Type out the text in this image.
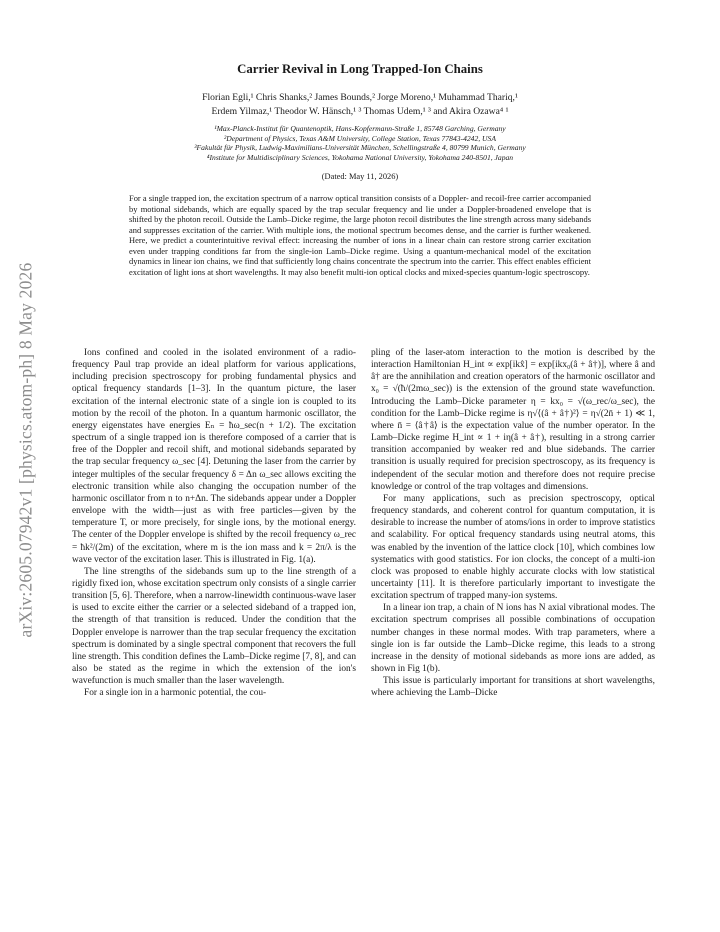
arXiv:2605.07942v1 [physics.atom-ph] 8 May 2026
Carrier Revival in Long Trapped-Ion Chains
Florian Egli,¹ Chris Shanks,² James Bounds,² Jorge Moreno,¹ Muhammad Thariq,¹
Erdem Yilmaz,¹ Theodor W. Hänsch,¹ ³ Thomas Udem,¹ ³ and Akira Ozawa⁴ ¹
¹Max-Planck-Institut für Quantenoptik, Hans-Kopfermann-Straße 1, 85748 Garching, Germany
²Department of Physics, Texas A&M University, College Station, Texas 77843-4242, USA
³Fakultät für Physik, Ludwig-Maximilians-Universität München, Schellingstraße 4, 80799 Munich, Germany
⁴Institute for Multidisciplinary Sciences, Yokohama National University, Yokohama 240-8501, Japan
(Dated: May 11, 2026)
For a single trapped ion, the excitation spectrum of a narrow optical transition consists of a Doppler- and recoil-free carrier accompanied by motional sidebands, which are equally spaced by the trap secular frequency and lie under a Doppler-broadened envelope that is shifted by the photon recoil. Outside the Lamb–Dicke regime, the large photon recoil distributes the line strength across many sidebands and suppresses excitation of the carrier. With multiple ions, the motional spectrum becomes dense, and the carrier is further weakened. Here, we predict a counterintuitive revival effect: increasing the number of ions in a linear chain can restore strong carrier excitation even under trapping conditions far from the single-ion Lamb–Dicke regime. Using a quantum-mechanical model of the excitation dynamics in linear ion chains, we find that sufficiently long chains concentrate the spectrum into the carrier. This effect enables efficient excitation of light ions at short wavelengths. It may also benefit multi-ion optical clocks and mixed-species quantum-logic spectroscopy.

Ions confined and cooled in the isolated environment of a radio-frequency Paul trap provide an ideal platform for various applications, including precision spectroscopy for probing fundamental physics and optical frequency standards [1–3]. In the quantum picture, the laser excitation of the internal electronic state of a single ion is coupled to its motion by the recoil of the photon. In a quantum harmonic oscillator, the energy eigenstates have energies Eₙ = ħω_sec(n + 1/2). The excitation spectrum of a single trapped ion is therefore composed of a carrier that is free of the Doppler and recoil shift, and motional sidebands separated by the trap secular frequency ω_sec [4]. Detuning the laser from the carrier by integer multiples of the secular frequency δ = Δn ω_sec allows exciting the electronic transition while also changing the occupation number of the harmonic oscillator from n to n+Δn. The sidebands appear under a Doppler envelope with the width—just as with free particles—given by the temperature T, or more precisely, for single ions, by the motional energy. The center of the Doppler envelope is shifted by the recoil frequency ω_rec = ħk²/(2m) of the excitation, where m is the ion mass and k = 2π/λ is the wave vector of the excitation laser. This is illustrated in Fig. 1(a).

The line strengths of the sidebands sum up to the line strength of a rigidly fixed ion, whose excitation spectrum only consists of a single carrier transition [5, 6]. Therefore, when a narrow-linewidth continuous-wave laser is used to excite either the carrier or a selected sideband of a trapped ion, the strength of that transition is reduced. Under the condition that the Doppler envelope is narrower than the trap secular frequency the excitation spectrum is dominated by a single spectral component that recovers the full line strength. This condition defines the Lamb–Dicke regime [7, 8], and can also be stated as the regime in which the extension of the ion's wavefunction is much smaller than the laser wavelength.

For a single ion in a harmonic potential, the cou-

pling of the laser-atom interaction to the motion is described by the interaction Hamiltonian H_int ∝ exp[ikx̂] = exp[ikx₀(â + â†)], where â and â† are the annihilation and creation operators of the harmonic oscillator and x₀ = √(ħ/(2mω_sec)) is the extension of the ground state wavefunction. Introducing the Lamb–Dicke parameter η = kx₀ = √(ω_rec/ω_sec), the condition for the Lamb–Dicke regime is η√⟨(â + â†)²⟩ = η√(2n̄ + 1) ≪ 1, where n̄ = ⟨â†â⟩ is the expectation value of the number operator. In the Lamb–Dicke regime H_int ∝ 1 + iη(â + â†), resulting in a strong carrier transition accompanied by weaker red and blue sidebands. The carrier transition is usually required for precision spectroscopy, as its frequency is independent of the secular motion and therefore does not require precise knowledge or control of the trap voltages and dimensions.

For many applications, such as precision spectroscopy, optical frequency standards, and coherent control for quantum computation, it is desirable to increase the number of atoms/ions in order to improve statistics and scalability. For optical frequency standards using neutral atoms, this was enabled by the invention of the lattice clock [10], which combines low systematics with good statistics. For ion clocks, the concept of a multi-ion clock was proposed to enable highly accurate clocks with low statistical uncertainty [11]. It is therefore particularly important to investigate the excitation spectrum of trapped many-ion systems.

In a linear ion trap, a chain of N ions has N axial vibrational modes. The excitation spectrum comprises all possible combinations of occupation number changes in these normal modes. With trap parameters, where a single ion is far outside the Lamb–Dicke regime, this leads to a strong increase in the density of motional sidebands as more ions are added, as shown in Fig 1(b).

This issue is particularly important for transitions at short wavelengths, where achieving the Lamb–Dicke
